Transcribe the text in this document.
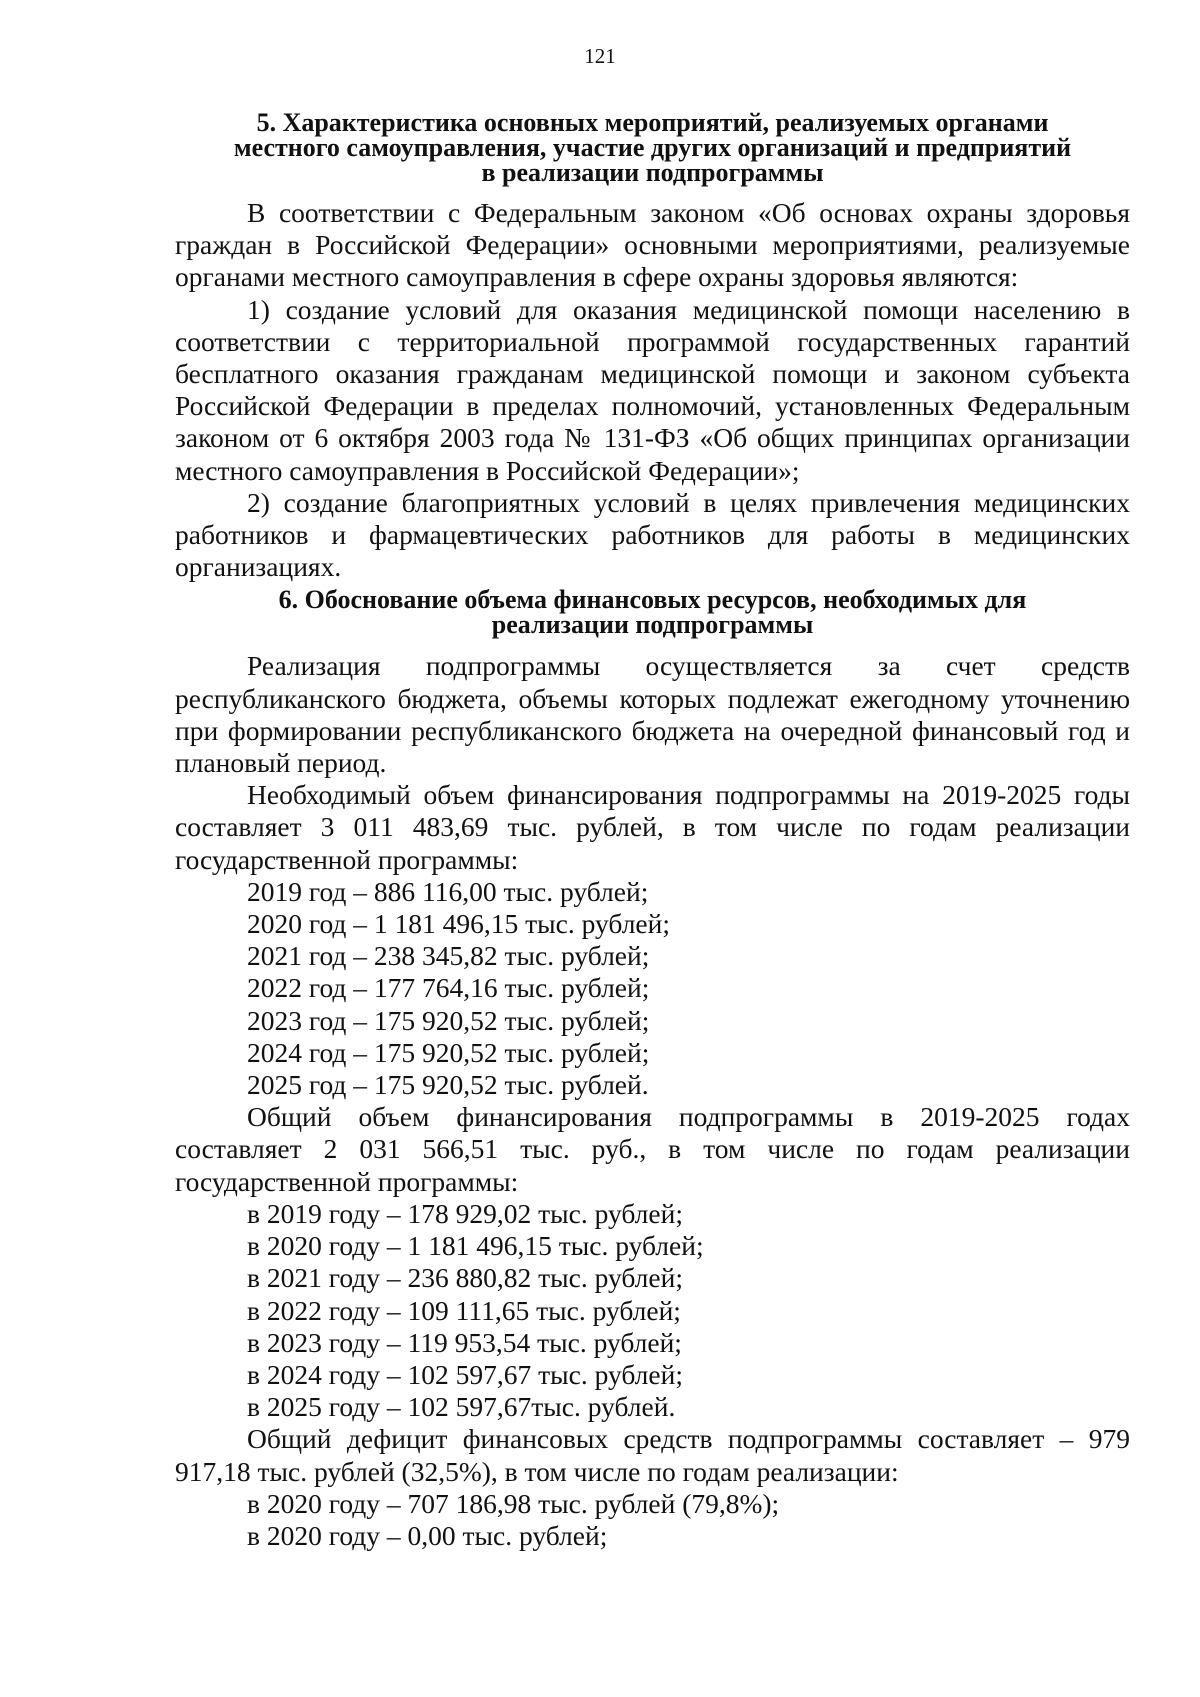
121
5. Характеристика основных мероприятий, реализуемых органами
местного самоуправления, участие других организаций и предприятий
в реализации подпрограммы

В соответствии с Федеральным законом «Об основах охраны здоровья граждан в Российской Федерации» основными мероприятиями, реализуемые органами местного самоуправления в сфере охраны здоровья являются:

1) создание условий для оказания медицинской помощи населению в соответствии с территориальной программой государственных гарантий бесплатного оказания гражданам медицинской помощи и законом субъекта Российской Федерации в пределах полномочий, установленных Федеральным законом от 6 октября 2003 года № 131-ФЗ «Об общих принципах организации местного самоуправления в Российской Федерации»;

2) создание благоприятных условий в целях привлечения медицинских работников и фармацевтических работников для работы в медицинских организациях.

6. Обоснование объема финансовых ресурсов, необходимых для
реализации подпрограммы

Реализация подпрограммы осуществляется за счет средств республиканского бюджета, объемы которых подлежат ежегодному уточнению при формировании республиканского бюджета на очередной финансовый год и плановый период.

Необходимый объем финансирования подпрограммы на 2019-2025 годы составляет 3 011 483,69 тыс. рублей, в том числе по годам реализации государственной программы:

2019 год – 886 116,00 тыс. рублей;
2020 год – 1 181 496,15 тыс. рублей;
2021 год – 238 345,82 тыс. рублей;
2022 год – 177 764,16 тыс. рублей;
2023 год – 175 920,52 тыс. рублей;
2024 год – 175 920,52 тыс. рублей;
2025 год – 175 920,52 тыс. рублей.

Общий объем финансирования подпрограммы в 2019-2025 годах составляет 2 031 566,51 тыс. руб., в том числе по годам реализации государственной программы:

в 2019 году – 178 929,02 тыс. рублей;
в 2020 году – 1 181 496,15 тыс. рублей;
в 2021 году – 236 880,82 тыс. рублей;
в 2022 году – 109 111,65 тыс. рублей;
в 2023 году – 119 953,54 тыс. рублей;
в 2024 году – 102 597,67 тыс. рублей;
в 2025 году – 102 597,67тыс. рублей.

Общий дефицит финансовых средств подпрограммы составляет – 979 917,18 тыс. рублей (32,5%), в том числе по годам реализации:

в 2020 году – 707 186,98 тыс. рублей (79,8%);
в 2020 году – 0,00 тыс. рублей;
